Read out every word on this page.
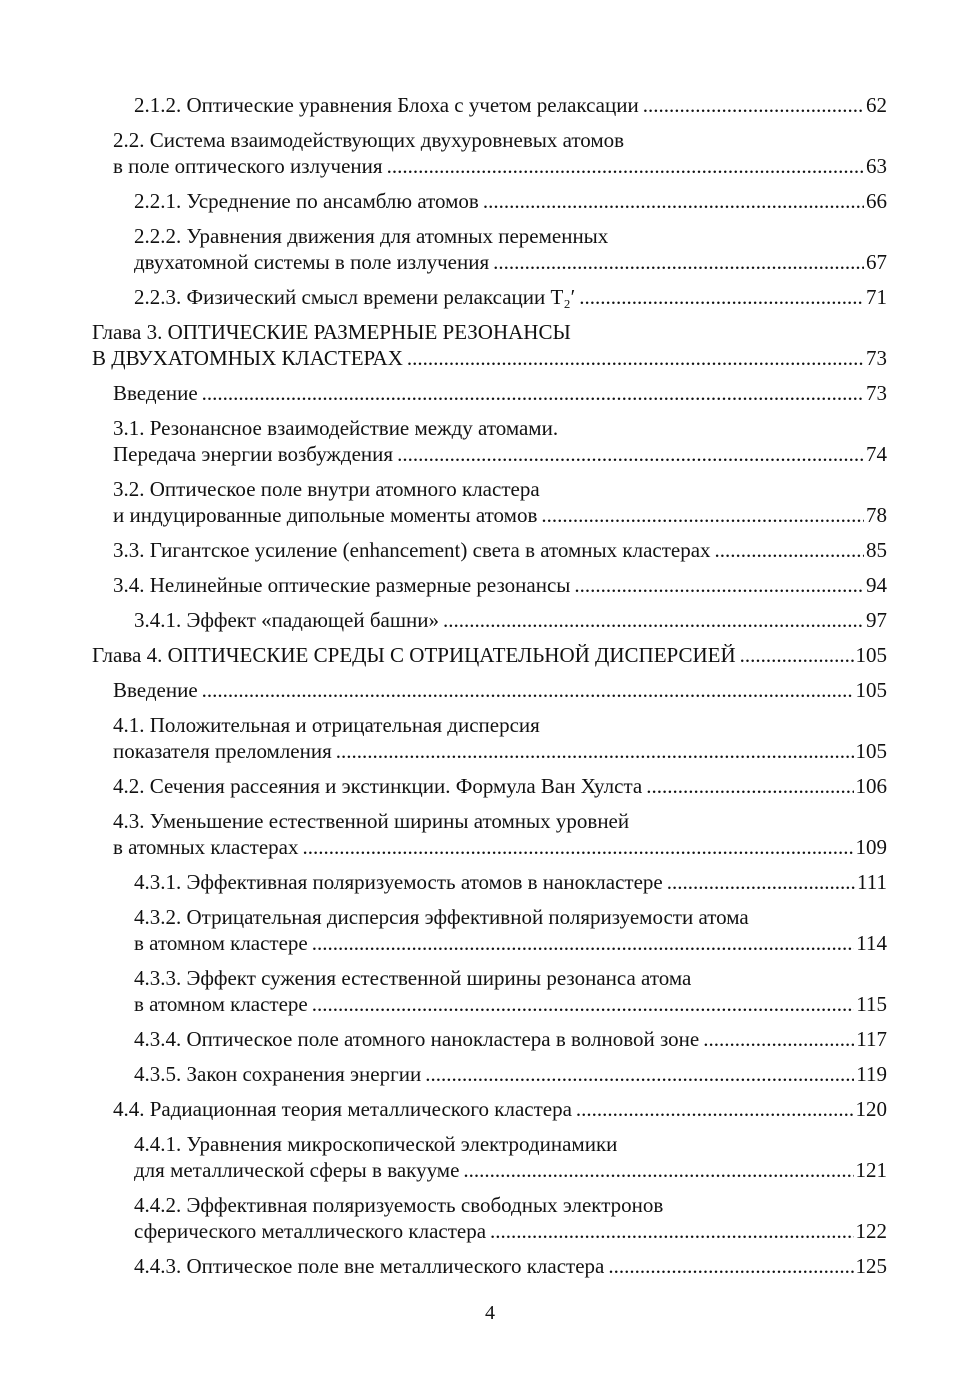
2.1.2. Оптические уравнения Блоха с учетом релаксации .....	62
2.2. Система взаимодействующих двухуровневых атомов
в поле оптического излучения .....	63
2.2.1. Усреднение по ансамблю атомов .....	66
2.2.2. Уравнения движения для атомных переменных
двухатомной системы в поле излучения .....	67
2.2.3. Физический смысл времени релаксации T₂′ .....	71
Глава 3. ОПТИЧЕСКИЕ РАЗМЕРНЫЕ РЕЗОНАНСЫ
В ДВУХАТОМНЫХ КЛАСТЕРАХ .....	73
Введение .....	73
3.1. Резонансное взаимодействие между атомами.
Передача энергии возбуждения .....	74
3.2. Оптическое поле внутри атомного кластера
и индуцированные дипольные моменты атомов .....	78
3.3. Гигантское усиление (enhancement) света в атомных кластерах .....	85
3.4. Нелинейные оптические размерные резонансы .....	94
3.4.1. Эффект «падающей башни» .....	97
Глава 4. ОПТИЧЕСКИЕ СРЕДЫ С ОТРИЦАТЕЛЬНОЙ ДИСПЕРСИЕЙ .....	105
Введение .....	105
4.1. Положительная и отрицательная дисперсия
показателя преломления .....	105
4.2. Сечения рассеяния и экстинкции. Формула Ван Хулста .....	106
4.3. Уменьшение естественной ширины атомных уровней
в атомных кластерах .....	109
4.3.1. Эффективная поляризуемость атомов в нанокластере .....	111
4.3.2. Отрицательная дисперсия эффективной поляризуемости атома
в атомном кластере .....	114
4.3.3. Эффект сужения естественной ширины резонанса атома
в атомном кластере .....	115
4.3.4. Оптическое поле атомного нанокластера в волновой зоне .....	117
4.3.5. Закон сохранения энергии .....	119
4.4. Радиационная теория металлического кластера .....	120
4.4.1. Уравнения микроскопической электродинамики
для металлической сферы в вакууме .....	121
4.4.2. Эффективная поляризуемость свободных электронов
сферического металлического кластера .....	122
4.4.3. Оптическое поле вне металлического кластера .....	125
4
